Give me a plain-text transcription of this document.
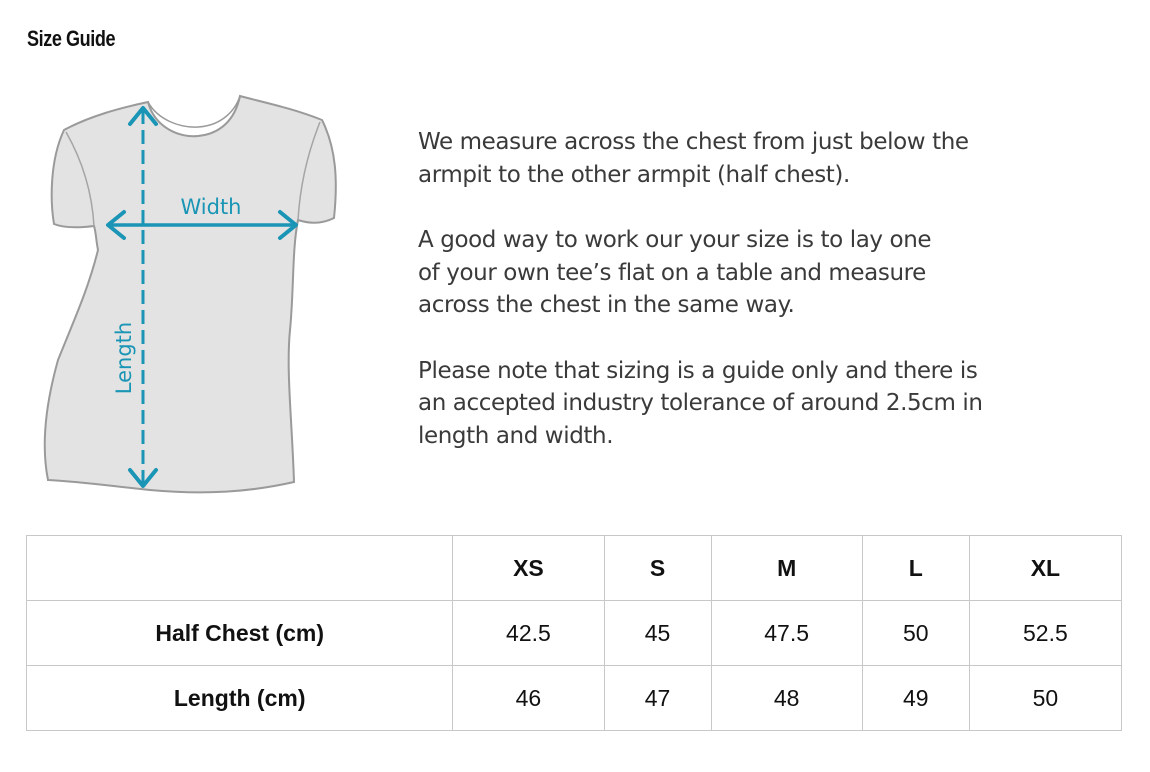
Size Guide
Width
Length

We measure across the chest from just below the
armpit to the other armpit (half chest).

A good way to work our your size is to lay one
of your own tee’s flat on a table and measure
across the chest in the same way.

Please note that sizing is a guide only and there is
an accepted industry tolerance of around 2.5cm in
length and width.

	XS	S	M	L	XL
Half Chest (cm)	42.5	45	47.5	50	52.5
Length (cm)	46	47	48	49	50
